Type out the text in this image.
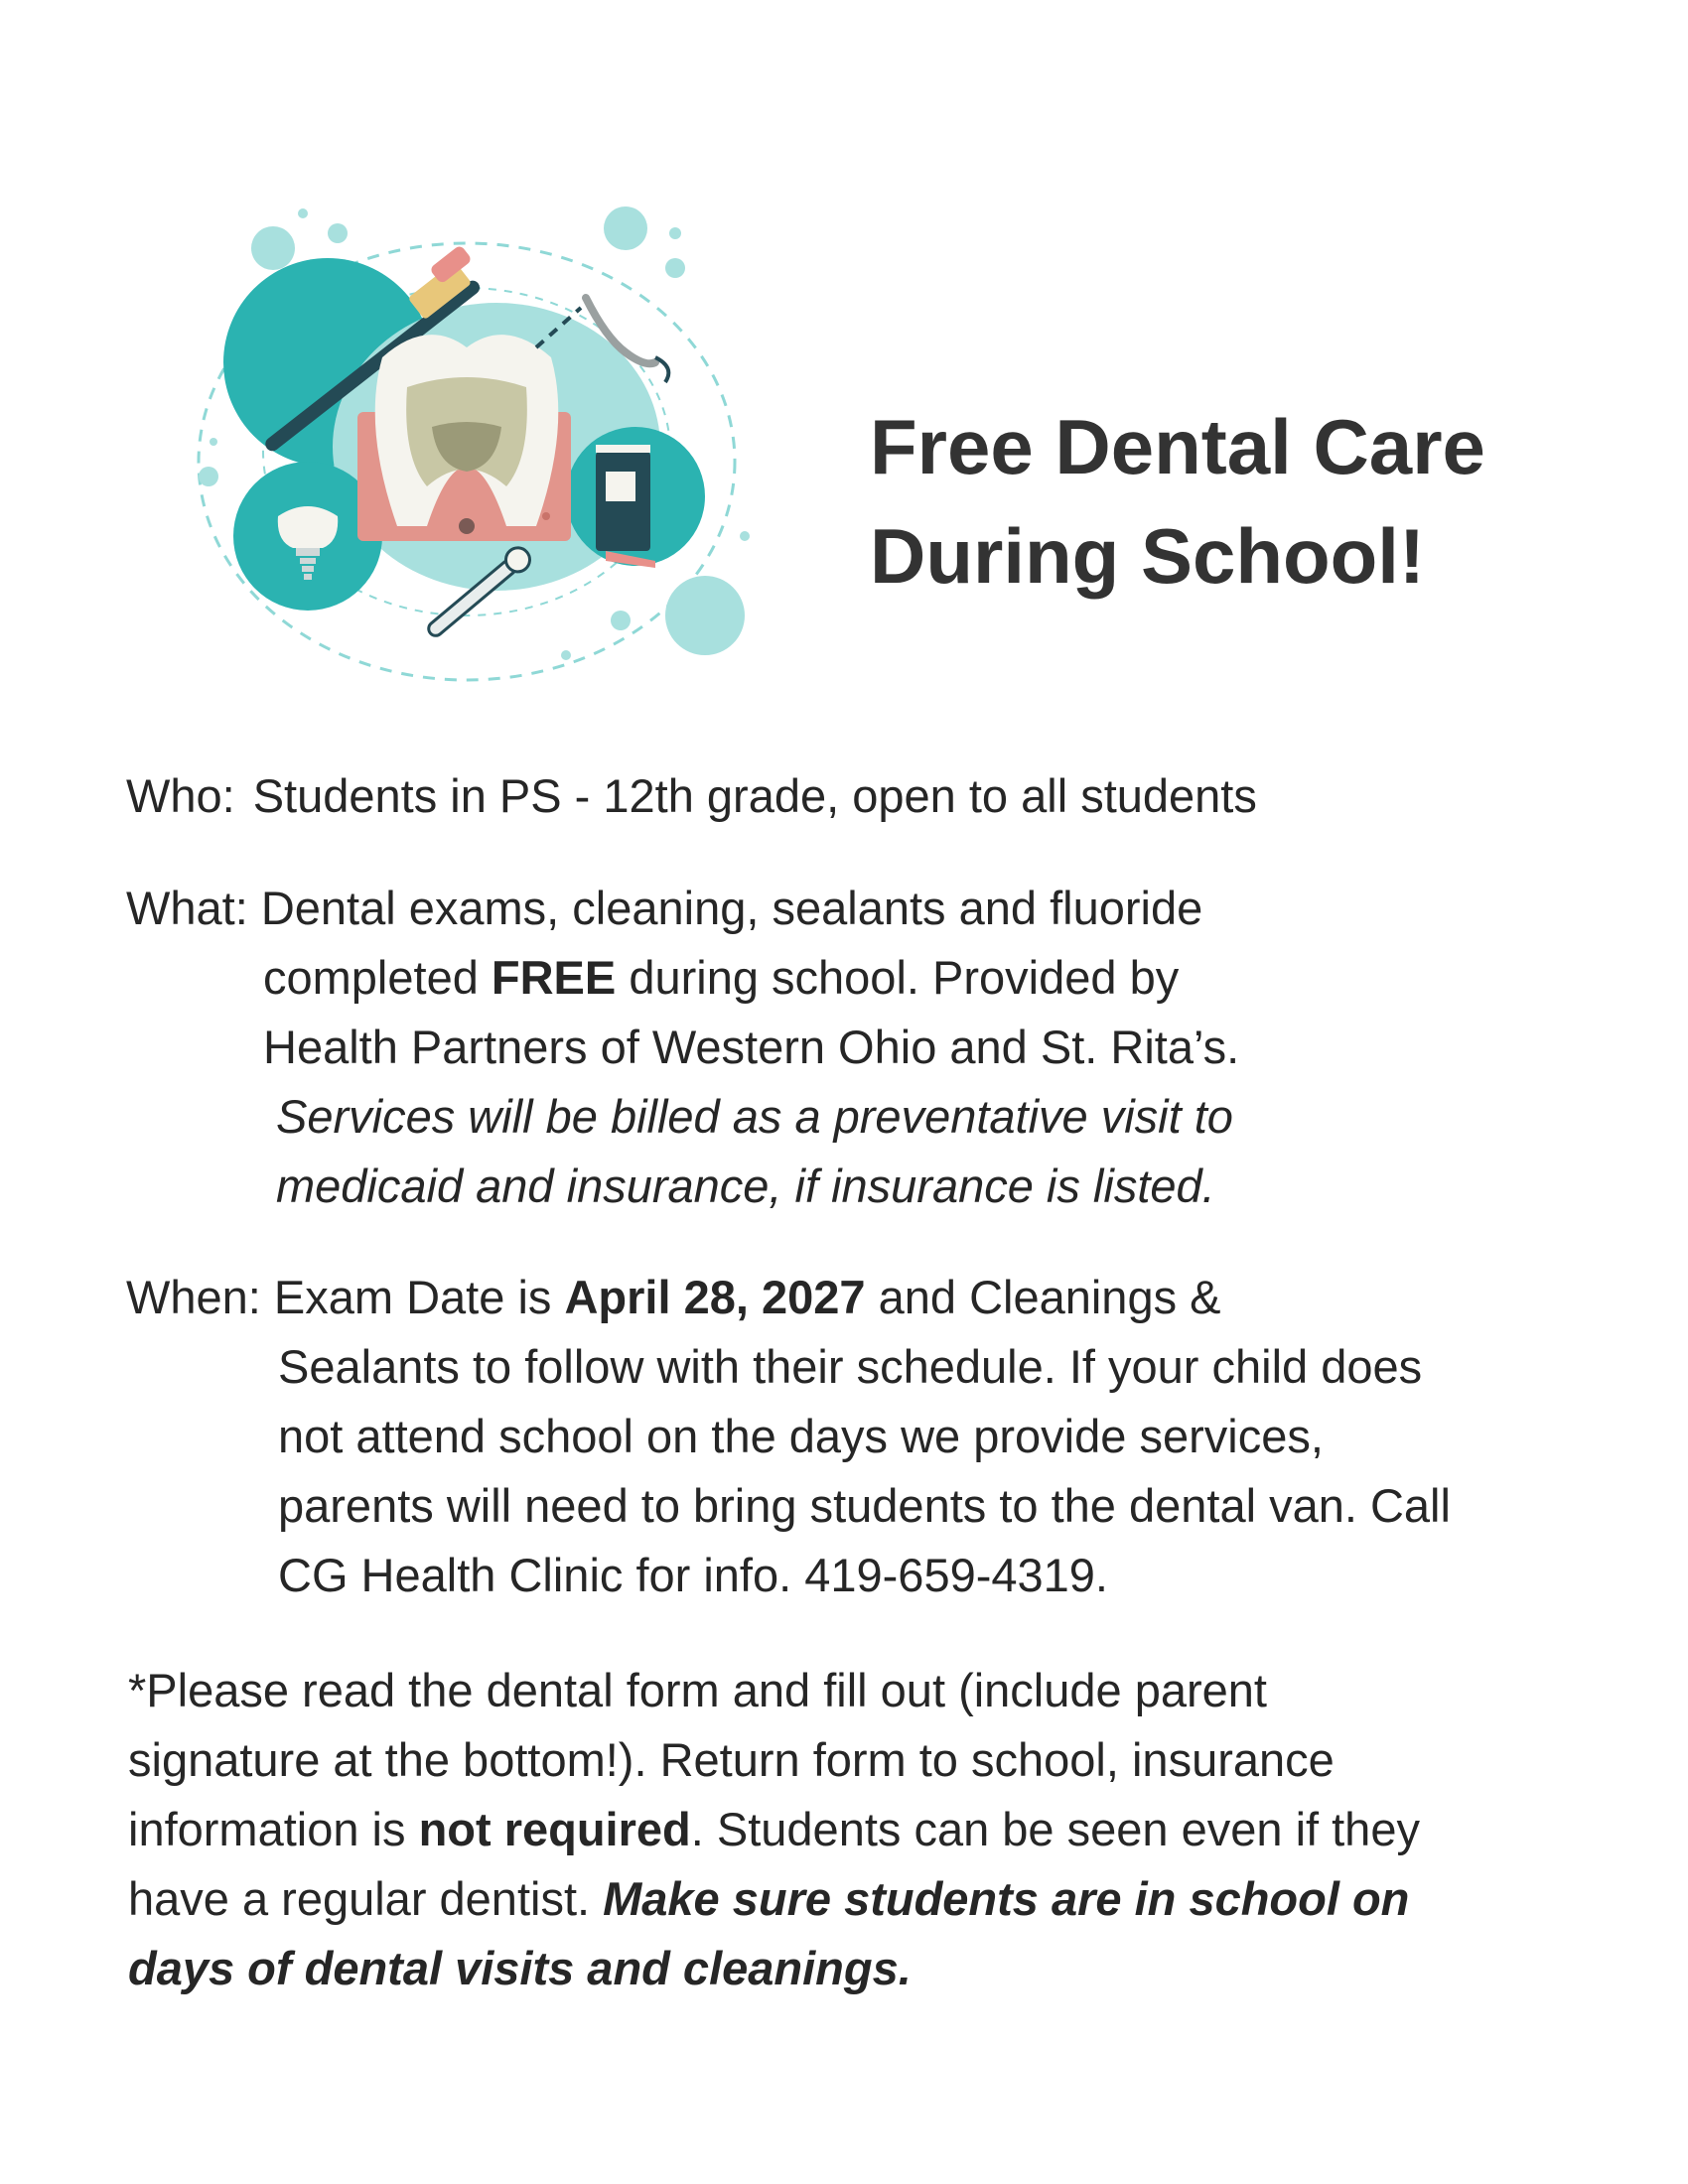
Free Dental Care
During School!

Who: Students in PS - 12th grade, open to all students

What: Dental exams, cleaning, sealants and fluoride

completed FREE during school. Provided by

Health Partners of Western Ohio and St. Rita’s.

Services will be billed as a preventative visit to

medicaid and insurance, if insurance is listed.

When: Exam Date is April 28, 2027 and Cleanings &

Sealants to follow with their schedule. If your child does

not attend school on the days we provide services,

parents will need to bring students to the dental van. Call

CG Health Clinic for info. 419-659-4319.

*Please read the dental form and fill out (include parent

signature at the bottom!). Return form to school, insurance

information is not required. Students can be seen even if they

have a regular dentist. Make sure students are in school on

days of dental visits and cleanings.
